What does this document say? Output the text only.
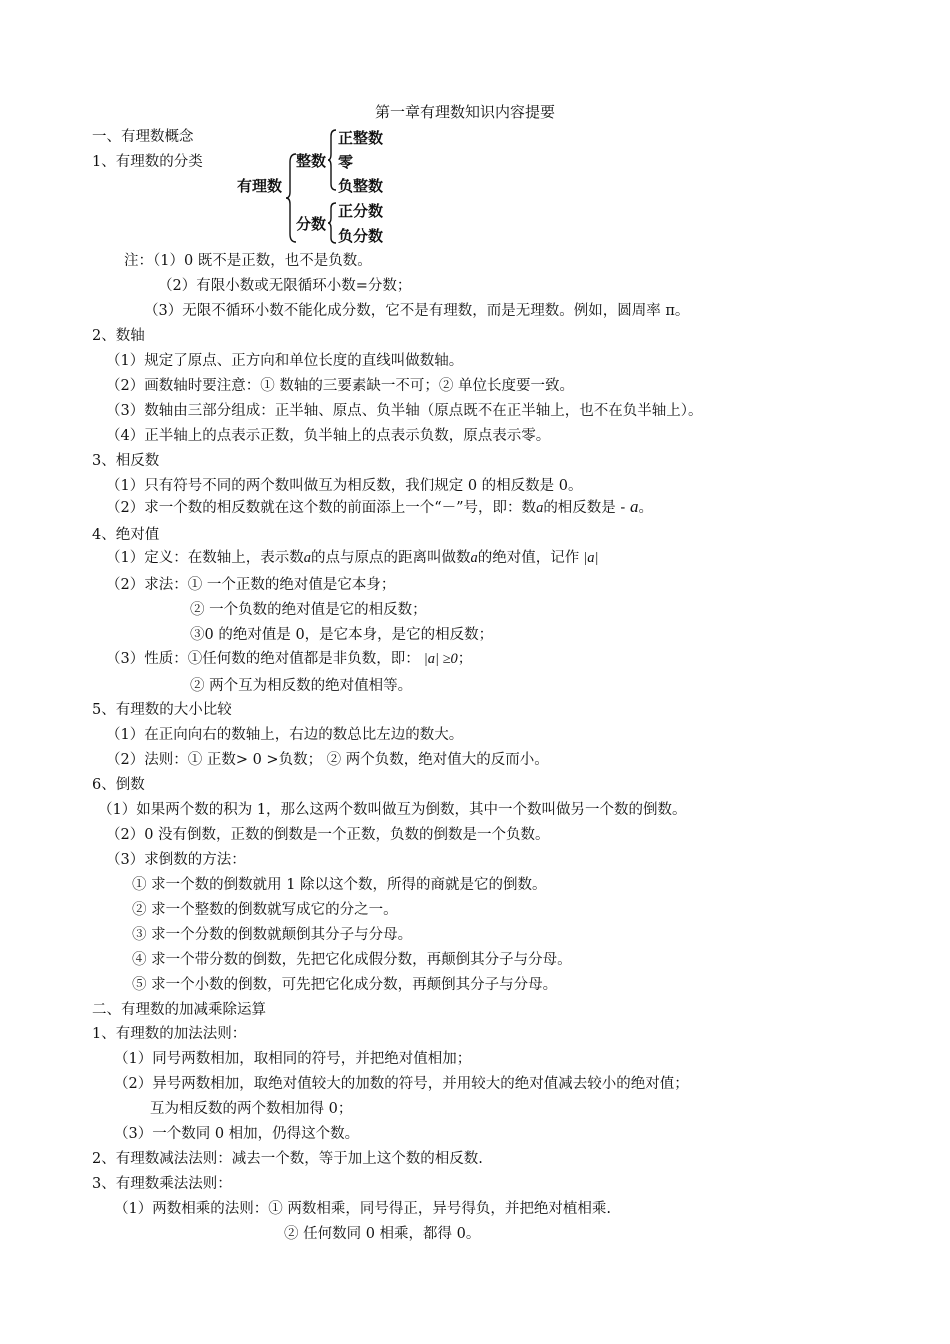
第一章有理数知识内容提要
一、有理数概念
1、有理数的分类
有理数
整数
正整数
零
负整数
分数
正分数
负分数
注：（1）0 既不是正数，也不是负数。
（2）有限小数或无限循环小数=分数；
（3）无限不循环小数不能化成分数，它不是有理数，而是无理数。例如，圆周率 π。
2、数轴
（1）规定了原点、正方向和单位长度的直线叫做数轴。
（2）画数轴时要注意：① 数轴的三要素缺一不可；② 单位长度要一致。
（3）数轴由三部分组成：正半轴、原点、负半轴（原点既不在正半轴上，也不在负半轴上）。
（4）正半轴上的点表示正数，负半轴上的点表示负数，原点表示零。
3、相反数
（1）只有符号不同的两个数叫做互为相反数，我们规定 0 的相反数是 0。
（2）求一个数的相反数就在这个数的前面添上一个“－”号，即：数a的相反数是 - a。
4、绝对值
（1）定义：在数轴上，表示数a的点与原点的距离叫做数a的绝对值，记作 |a|
（2）求法：① 一个正数的绝对值是它本身；
② 一个负数的绝对值是它的相反数；
③0 的绝对值是 0，是它本身，是它的相反数；
（3）性质：①任何数的绝对值都是非负数，即： |a| ≥0；
② 两个互为相反数的绝对值相等。
5、有理数的大小比较
（1）在正向向右的数轴上，右边的数总比左边的数大。
（2）法则：① 正数> 0 >负数； ② 两个负数，绝对值大的反而小。
6、倒数
（1）如果两个数的积为 1，那么这两个数叫做互为倒数，其中一个数叫做另一个数的倒数。
（2）0 没有倒数，正数的倒数是一个正数，负数的倒数是一个负数。
（3）求倒数的方法：
① 求一个数的倒数就用 1 除以这个数，所得的商就是它的倒数。
② 求一个整数的倒数就写成它的分之一。
③ 求一个分数的倒数就颠倒其分子与分母。
④ 求一个带分数的倒数，先把它化成假分数，再颠倒其分子与分母。
⑤ 求一个小数的倒数，可先把它化成分数，再颠倒其分子与分母。
二、有理数的加减乘除运算
1、有理数的加法法则：
（1）同号两数相加，取相同的符号，并把绝对值相加；
（2）异号两数相加，取绝对值较大的加数的符号，并用较大的绝对值减去较小的绝对值；
互为相反数的两个数相加得 0；
（3）一个数同 0 相加，仍得这个数。
2、有理数减法法则：减去一个数，等于加上这个数的相反数.
3、有理数乘法法则：
（1）两数相乘的法则：① 两数相乘，同号得正，异号得负，并把绝对植相乘.
② 任何数同 0 相乘，都得 0。
